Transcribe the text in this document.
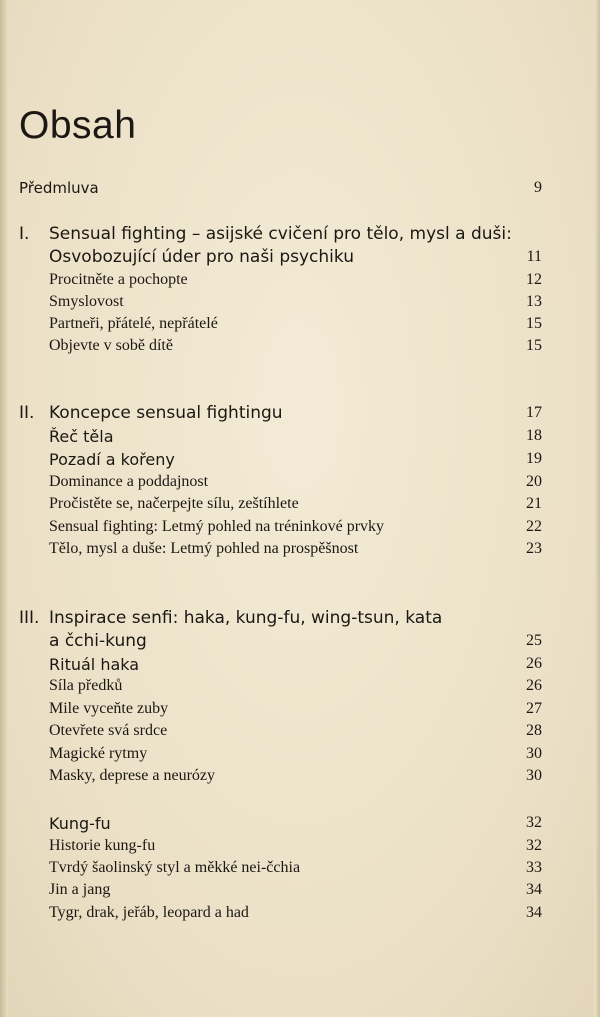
Obsah
Předmluva	9
I. Sensual fighting – asijské cvičení pro tělo, mysl a duši:
Osvobozující úder pro naši psychiku	11
Procitněte a pochopte	12
Smyslovost	13
Partneři, přátelé, nepřátelé	15
Objevte v sobě dítě	15
II. Koncepce sensual fightingu	17
Řeč těla	18
Pozadí a kořeny	19
Dominance a poddajnost	20
Pročistěte se, načerpejte sílu, zeštíhlete	21
Sensual fighting: Letmý pohled na tréninkové prvky	22
Tělo, mysl a duše: Letmý pohled na prospěšnost	23
III. Inspirace senfi: haka, kung-fu, wing-tsun, kata
a čchi-kung	25
Rituál haka	26
Síla předků	26
Mile vyceňte zuby	27
Otevřete svá srdce	28
Magické rytmy	30
Masky, deprese a neurózy	30
Kung-fu	32
Historie kung-fu	32
Tvrdý šaolinský styl a měkké nei-čchia	33
Jin a jang	34
Tygr, drak, jeřáb, leopard a had	34
